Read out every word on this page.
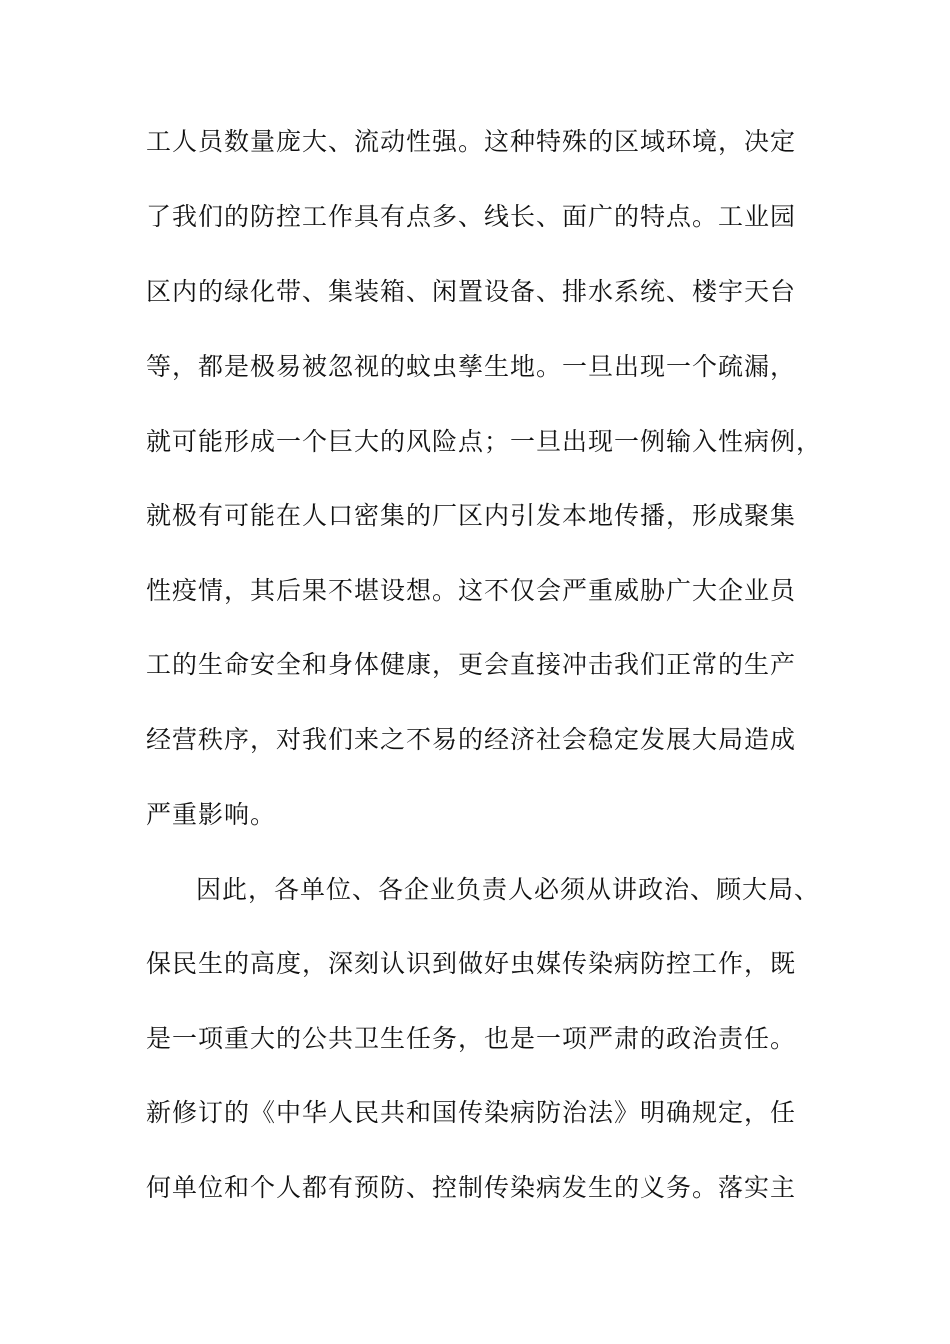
工人员数量庞大、流动性强。这种特殊的区域环境，决定
了我们的防控工作具有点多、线长、面广的特点。工业园
区内的绿化带、集装箱、闲置设备、排水系统、楼宇天台
等，都是极易被忽视的蚊虫孳生地。一旦出现一个疏漏，
就可能形成一个巨大的风险点；一旦出现一例输入性病例，
就极有可能在人口密集的厂区内引发本地传播，形成聚集
性疫情，其后果不堪设想。这不仅会严重威胁广大企业员
工的生命安全和身体健康，更会直接冲击我们正常的生产
经营秩序，对我们来之不易的经济社会稳定发展大局造成
严重影响。
因此，各单位、各企业负责人必须从讲政治、顾大局、
保民生的高度，深刻认识到做好虫媒传染病防控工作，既
是一项重大的公共卫生任务，也是一项严肃的政治责任。
新修订的《中华人民共和国传染病防治法》明确规定，任
何单位和个人都有预防、控制传染病发生的义务。落实主
